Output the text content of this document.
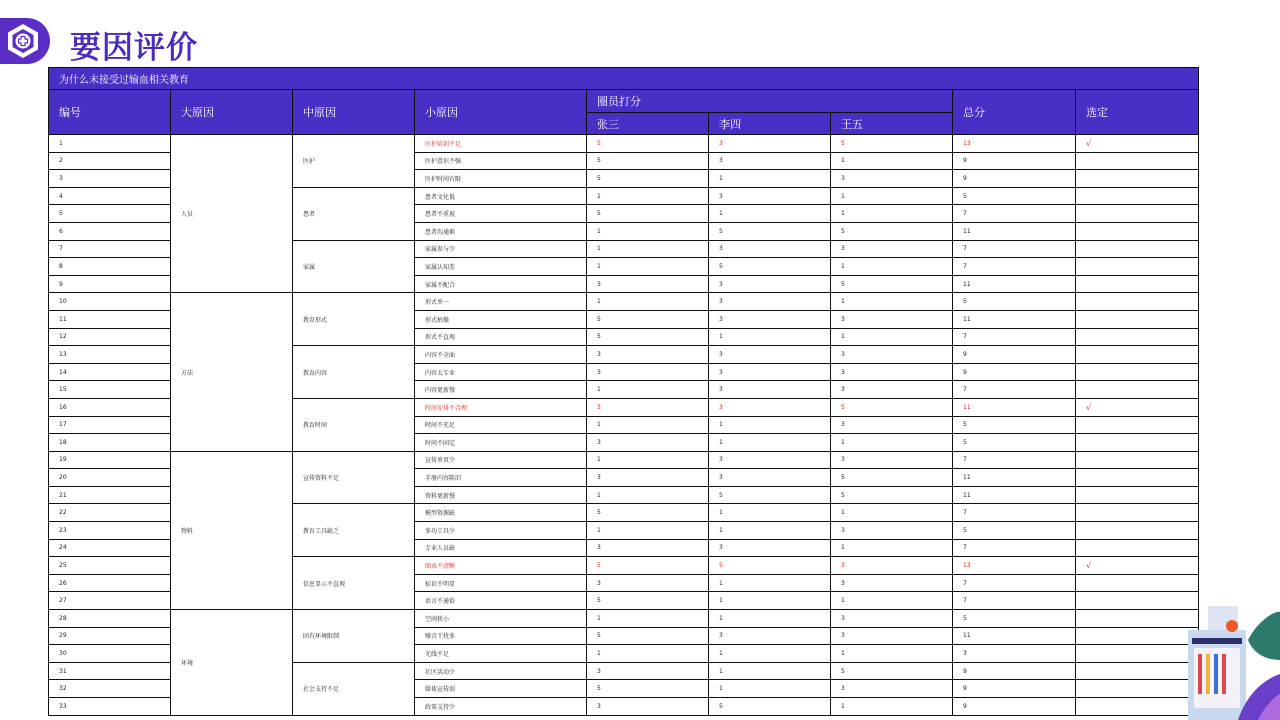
要因评价
为什么未接受过输血相关教育								
编号	大原因	中原因	小原因	圈员打分			总分	选定
				张三	李四	王五		
1	人员	医护	医护培训不足	5	3	5	13	√
2			医护意识不强	5	3	1	9	
3			医护时间有限	5	1	3	9	
4		患者	患者文化低	1	3	1	5	
5			患者不重视	5	1	1	7	
6			患者沟通难	1	5	5	11	
7		家属	家属参与少	1	3	3	7	
8			家属认知差	1	5	1	7	
9			家属不配合	3	3	5	11	
10	方法	教育形式	形式单一	1	3	1	5	
11			形式枯燥	5	3	3	11	
12			形式不直观	5	1	1	7	
13		教育内容	内容不全面	3	3	3	9	
14			内容太专业	3	3	3	9	
15			内容更新慢	1	3	3	7	
16		教育时间	时间安排不合理	3	3	5	11	√
17			时间不充足	1	1	3	5	
18			时间不固定	3	1	1	5	
19	物料	宣传资料不足	宣传单页少	1	3	3	7	
20			手册内容陈旧	3	3	5	11	
21			资料更新慢	1	5	5	11	
22		教育工具缺乏	模型资源缺	5	1	1	7	
23			多功工具少	1	1	3	5	
24			专业人员缺	3	3	1	7	
25		信息显示不直观	图表不清晰	5	5	3	13	√
26			标识不明显	3	1	3	7	
27			语言不通俗	5	1	1	7	
28	环境	固有环境限制	空间狭小	1	1	3	5	
29			噪音干扰多	5	3	3	11	
30			光线不足	1	1	1	3	
31		社会支持不足	社区活动少	3	1	5	9	
32			媒体宣传弱	5	1	3	9	
33			政策支持少	3	5	1	9	
